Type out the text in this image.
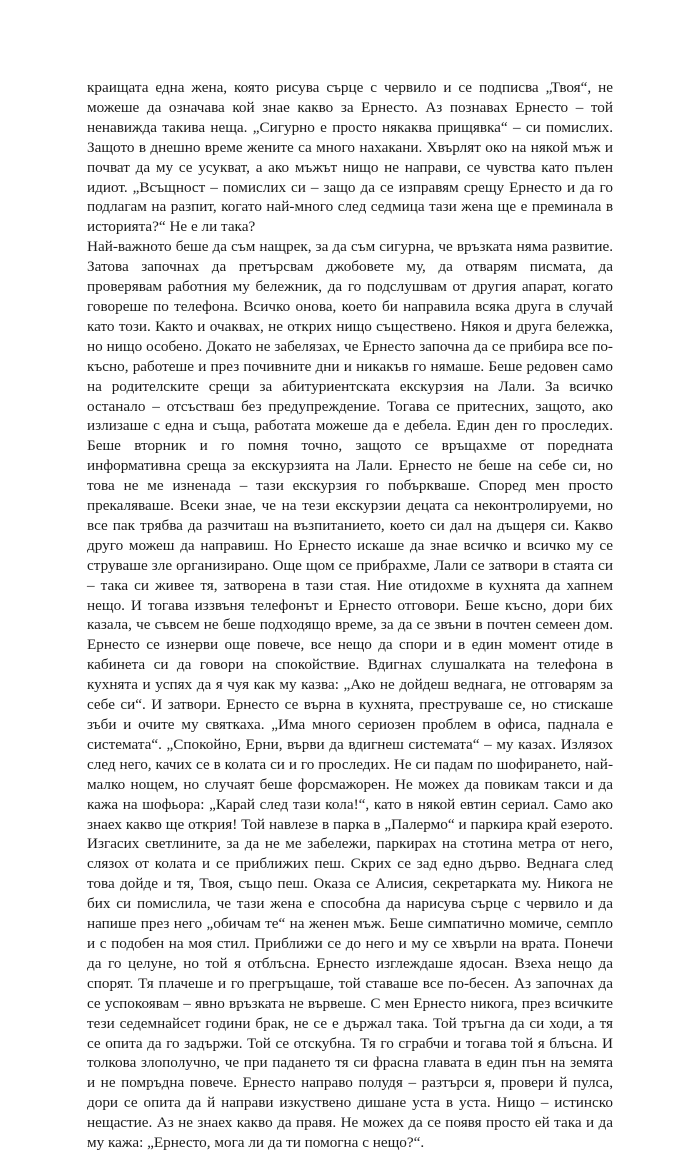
краищата една жена, която рисува сърце с червило и се подписва „Твоя“, не можеше да означава кой знае какво за Ернесто. Аз познавах Ернесто – той ненавижда такива неща. „Сигурно е просто някаква прищявка“ – си помислих. Защото в днешно време жените са много нахакани. Хвърлят око на някой мъж и почват да му се усукват, а ако мъжът нищо не направи, се чувства като пълен идиот. „Всъщност – помислих си – защо да се изправям срещу Ернесто и да го подлагам на разпит, когато най-много след седмица тази жена ще е преминала в историята?“ Не е ли така?

Най-важното беше да съм нащрек, за да съм сигурна, че връзката няма развитие. Затова започнах да претърсвам джобовете му, да отварям писмата, да проверявам работния му бележник, да го подслушвам от другия апарат, когато говореше по телефона. Всичко онова, което би направила всяка друга в случай като този. Както и очаквах, не открих нищо съществено. Някоя и друга бележка, но нищо особено. Докато не забелязах, че Ернесто започна да се прибира все по-късно, работеше и през почивните дни и никакъв го нямаше. Беше редовен само на родителските срещи за абитуриентската екскурзия на Лали. За всичко останало – отсъстваш без предупреждение. Тогава се притесних, защото, ако излизаше с една и съща, работата можеше да е дебела. Един ден го проследих. Беше вторник и го помня точно, защото се връщахме от поредната информативна среща за екскурзията на Лали. Ернесто не беше на себе си, но това не ме изненада – тази екскурзия го побъркваше. Според мен просто прекаляваше. Всеки знае, че на тези екскурзии децата са неконтролируеми, но все пак трябва да разчиташ на възпитанието, което си дал на дъщеря си. Какво друго можеш да направиш. Но Ернесто искаше да знае всичко и всичко му се струваше зле организирано. Още щом се прибрахме, Лали се затвори в стаята си – така си живее тя, затворена в тази стая. Ние отидохме в кухнята да хапнем нещо. И тогава иззвъня телефонът и Ернесто отговори. Беше късно, дори бих казала, че съвсем не беше подходящо време, за да се звъни в почтен семеен дом. Ернесто се изнерви още повече, все нещо да спори и в един момент отиде в кабинета си да говори на спокойствие. Вдигнах слушалката на телефона в кухнята и успях да я чуя как му казва: „Ако не дойдеш веднага, не отговарям за себе си“. И затвори. Ернесто се върна в кухнята, преструваше се, но стискаше зъби и очите му святкаха. „Има много сериозен проблем в офиса, паднала е системата“. „Спокойно, Ерни, върви да вдигнеш системата“ – му казах. Излязох след него, качих се в колата си и го проследих. Не си падам по шофирането, най-малко нощем, но случаят беше форсмажорен. Не можех да повикам такси и да кажа на шофьора: „Карай след тази кола!“, като в някой евтин сериал. Само ако знаех какво ще открия! Той навлезе в парка в „Палермо“ и паркира край езерото. Изгасих светлините, за да не ме забележи, паркирах на стотина метра от него, слязох от колата и се приближих пеш. Скрих се зад едно дърво. Веднага след това дойде и тя, Твоя, също пеш. Оказа се Алисия, секретарката му. Никога не бих си помислила, че тази жена е способна да нарисува сърце с червило и да напише през него „обичам те“ на женен мъж. Беше симпатично момиче, семпло и с подобен на моя стил. Приближи се до него и му се хвърли на врата. Понечи да го целуне, но той я отблъсна. Ернесто изглеждаше ядосан. Взеха нещо да спорят. Тя плачеше и го прегръщаше, той ставаше все по-бесен. Аз започнах да се успокоявам – явно връзката не вървеше. С мен Ернесто никога, през всичките тези седемнайсет години брак, не се е държал така. Той тръгна да си ходи, а тя се опита да го задържи. Той се отскубна. Тя го сграбчи и тогава той я блъсна. И толкова злополучно, че при падането тя си фрасна главата в един пън на земята и не помръдна повече. Ернесто направо полудя – разтърси я, провери й пулса, дори се опита да й направи изкуствено дишане уста в уста. Нищо – истинско нещастие. Аз не знаех какво да правя. Не можех да се появя просто ей така и да му кажа: „Ернесто, мога ли да ти помогна с нещо?“.
